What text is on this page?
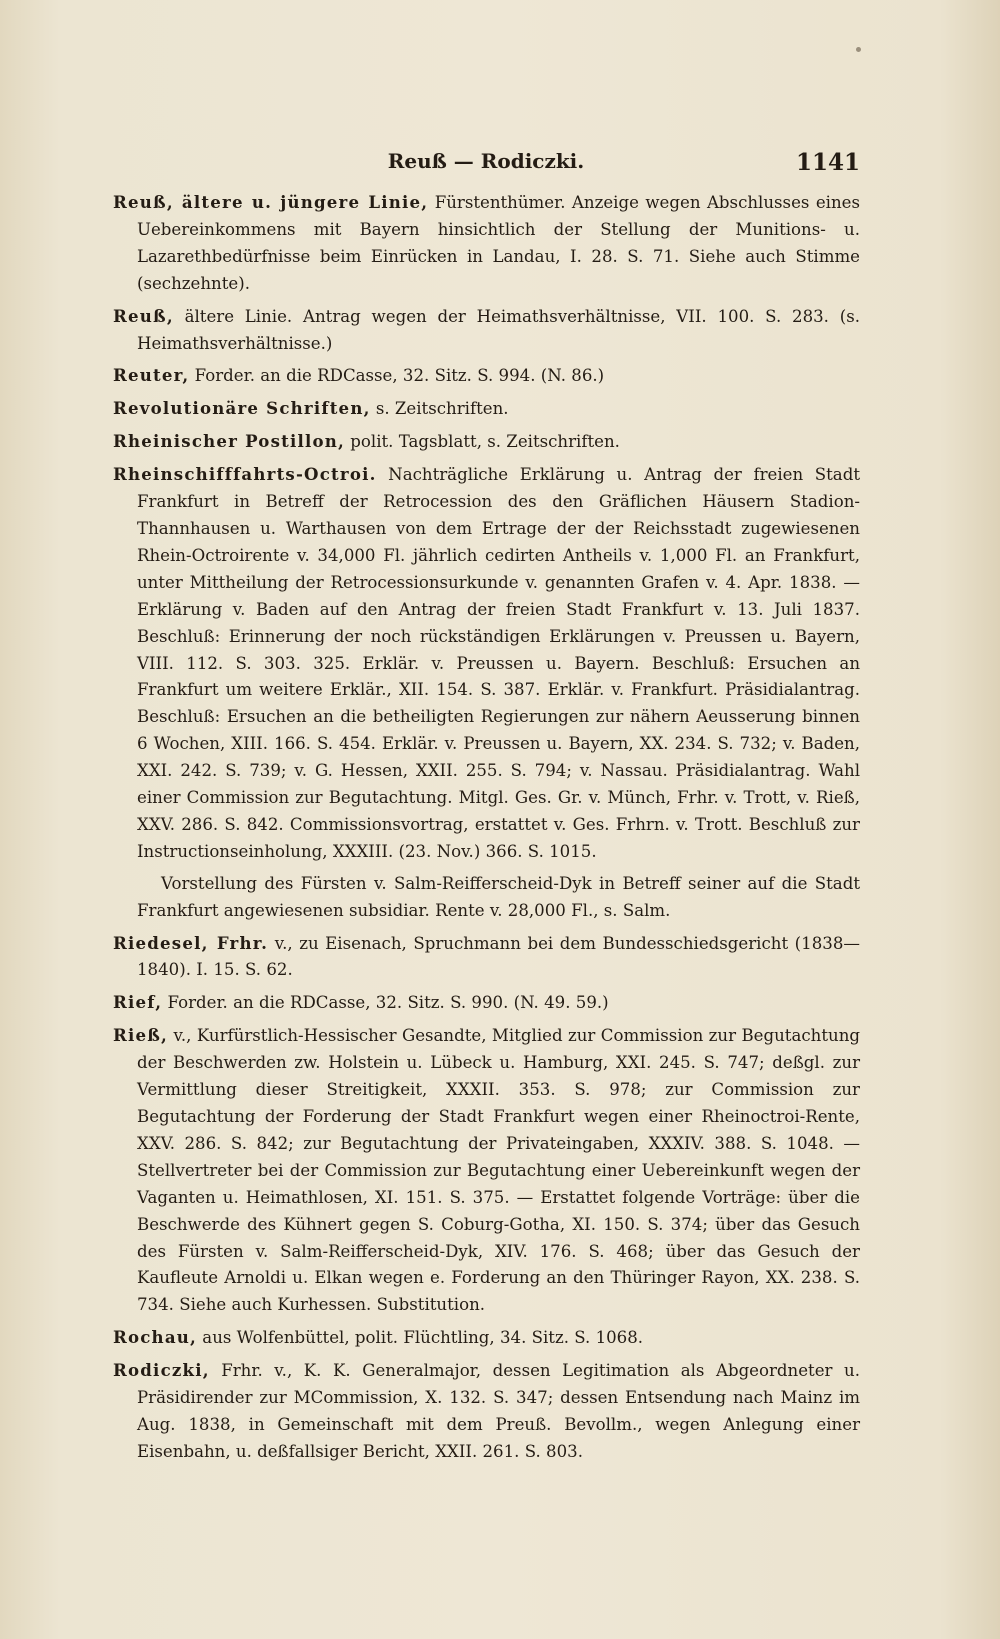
Reuß — Rodiczki.	1141

Reuß, ältere u. jüngere Linie, Fürstenthümer. Anzeige wegen Abschlusses eines Uebereinkommens mit Bayern hinsichtlich der Stellung der Munitions- u. Lazarethbedürfnisse beim Einrücken in Landau, I. 28. S. 71. Siehe auch Stimme (sechzehnte).

Reuß, ältere Linie. Antrag wegen der Heimathsverhältnisse, VII. 100. S. 283. (s. Heimathsverhältnisse.)

Reuter, Forder. an die RDCasse, 32. Sitz. S. 994. (N. 86.)

Revolutionäre Schriften, s. Zeitschriften.

Rheinischer Postillon, polit. Tagsblatt, s. Zeitschriften.

Rheinschifffahrts-Octroi. Nachträgliche Erklärung u. Antrag der freien Stadt Frankfurt in Betreff der Retrocession des den Gräflichen Häusern Stadion-Thannhausen u. Warthausen von dem Ertrage der der Reichsstadt zugewiesenen Rhein-Octroirente v. 34,000 Fl. jährlich cedirten Antheils v. 1,000 Fl. an Frankfurt, unter Mittheilung der Retrocessionsurkunde v. genannten Grafen v. 4. Apr. 1838. — Erklärung v. Baden auf den Antrag der freien Stadt Frankfurt v. 13. Juli 1837. Beschluß: Erinnerung der noch rückständigen Erklärungen v. Preussen u. Bayern, VIII. 112. S. 303. 325. Erklär. v. Preussen u. Bayern. Beschluß: Ersuchen an Frankfurt um weitere Erklär., XII. 154. S. 387. Erklär. v. Frankfurt. Präsidialantrag. Beschluß: Ersuchen an die betheiligten Regierungen zur nähern Aeusserung binnen 6 Wochen, XIII. 166. S. 454. Erklär. v. Preussen u. Bayern, XX. 234. S. 732; v. Baden, XXI. 242. S. 739; v. G. Hessen, XXII. 255. S. 794; v. Nassau. Präsidialantrag. Wahl einer Commission zur Begutachtung. Mitgl. Ges. Gr. v. Münch, Frhr. v. Trott, v. Rieß, XXV. 286. S. 842. Commissionsvortrag, erstattet v. Ges. Frhrn. v. Trott. Beschluß zur Instructionseinholung, XXXIII. (23. Nov.) 366. S. 1015.

Vorstellung des Fürsten v. Salm-Reifferscheid-Dyk in Betreff seiner auf die Stadt Frankfurt angewiesenen subsidiar. Rente v. 28,000 Fl., s. Salm.

Riedesel, Frhr. v., zu Eisenach, Spruchmann bei dem Bundesschiedsgericht (1838—1840). I. 15. S. 62.

Rief, Forder. an die RDCasse, 32. Sitz. S. 990. (N. 49. 59.)

Rieß, v., Kurfürstlich-Hessischer Gesandte, Mitglied zur Commission zur Begutachtung der Beschwerden zw. Holstein u. Lübeck u. Hamburg, XXI. 245. S. 747; deßgl. zur Vermittlung dieser Streitigkeit, XXXII. 353. S. 978; zur Commission zur Begutachtung der Forderung der Stadt Frankfurt wegen einer Rheinoctroi-Rente, XXV. 286. S. 842; zur Begutachtung der Privateingaben, XXXIV. 388. S. 1048. — Stellvertreter bei der Commission zur Begutachtung einer Uebereinkunft wegen der Vaganten u. Heimathlosen, XI. 151. S. 375. — Erstattet folgende Vorträge: über die Beschwerde des Kühnert gegen S. Coburg-Gotha, XI. 150. S. 374; über das Gesuch des Fürsten v. Salm-Reifferscheid-Dyk, XIV. 176. S. 468; über das Gesuch der Kaufleute Arnoldi u. Elkan wegen e. Forderung an den Thüringer Rayon, XX. 238. S. 734. Siehe auch Kurhessen. Substitution.

Rochau, aus Wolfenbüttel, polit. Flüchtling, 34. Sitz. S. 1068.

Rodiczki, Frhr. v., K. K. Generalmajor, dessen Legitimation als Abgeordneter u. Präsidirender zur MCommission, X. 132. S. 347; dessen Entsendung nach Mainz im Aug. 1838, in Gemeinschaft mit dem Preuß. Bevollm., wegen Anlegung einer Eisenbahn, u. deßfallsiger Bericht, XXII. 261. S. 803.
